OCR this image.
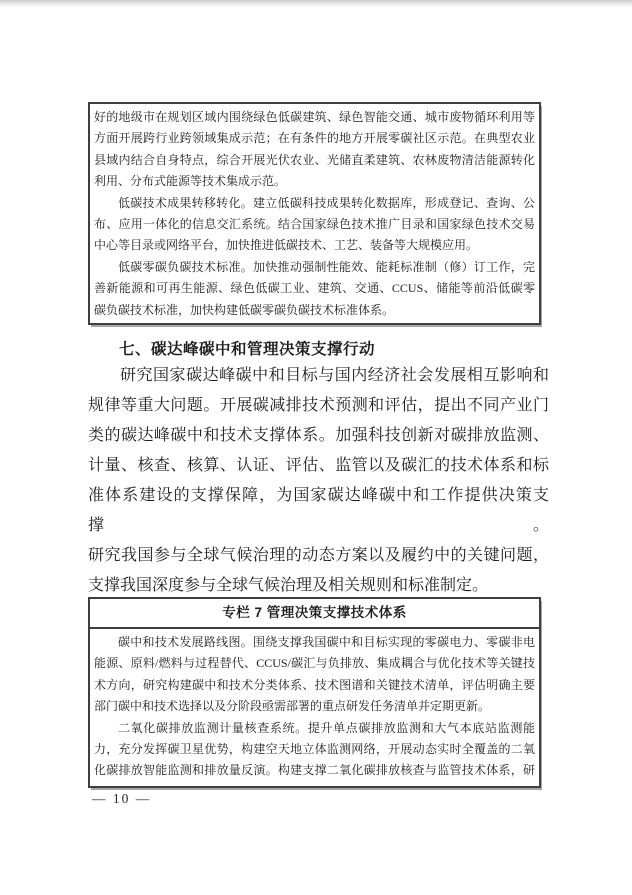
好的地级市在规划区域内围绕绿色低碳建筑、绿色智能交通、城市废物循环利用等
方面开展跨行业跨领域集成示范；在有条件的地方开展零碳社区示范。在典型农业
县域内结合自身特点，综合开展光伏农业、光储直柔建筑、农林废物清洁能源转化
利用、分布式能源等技术集成示范。
低碳技术成果转移转化。建立低碳科技成果转化数据库，形成登记、查询、公
布、应用一体化的信息交汇系统。结合国家绿色技术推广目录和国家绿色技术交易
中心等目录或网络平台，加快推进低碳技术、工艺、装备等大规模应用。
低碳零碳负碳技术标准。加快推动强制性能效、能耗标准制（修）订工作，完
善新能源和可再生能源、绿色低碳工业、建筑、交通、CCUS、储能等前沿低碳零
碳负碳技术标准，加快构建低碳零碳负碳技术标准体系。
七、碳达峰碳中和管理决策支撑行动
研究国家碳达峰碳中和目标与国内经济社会发展相互影响和
规律等重大问题。开展碳减排技术预测和评估，提出不同产业门
类的碳达峰碳中和技术支撑体系。加强科技创新对碳排放监测、
计量、核查、核算、认证、评估、监管以及碳汇的技术体系和标
准体系建设的支撑保障，为国家碳达峰碳中和工作提供决策支撑。
研究我国参与全球气候治理的动态方案以及履约中的关键问题，
支撑我国深度参与全球气候治理及相关规则和标准制定。
专栏 7 管理决策支撑技术体系
碳中和技术发展路线图。围绕支撑我国碳中和目标实现的零碳电力、零碳非电
能源、原料/燃料与过程替代、CCUS/碳汇与负排放、集成耦合与优化技术等关键技
术方向，研究构建碳中和技术分类体系、技术图谱和关键技术清单，评估明确主要
部门碳中和技术选择以及分阶段亟需部署的重点研发任务清单并定期更新。
二氧化碳排放监测计量核查系统。提升单点碳排放监测和大气本底站监测能
力，充分发挥碳卫星优势，构建空天地立体监测网络，开展动态实时全覆盖的二氧
化碳排放智能监测和排放量反演。构建支撑二氧化碳排放核查与监管技术体系，研
— 10 —
